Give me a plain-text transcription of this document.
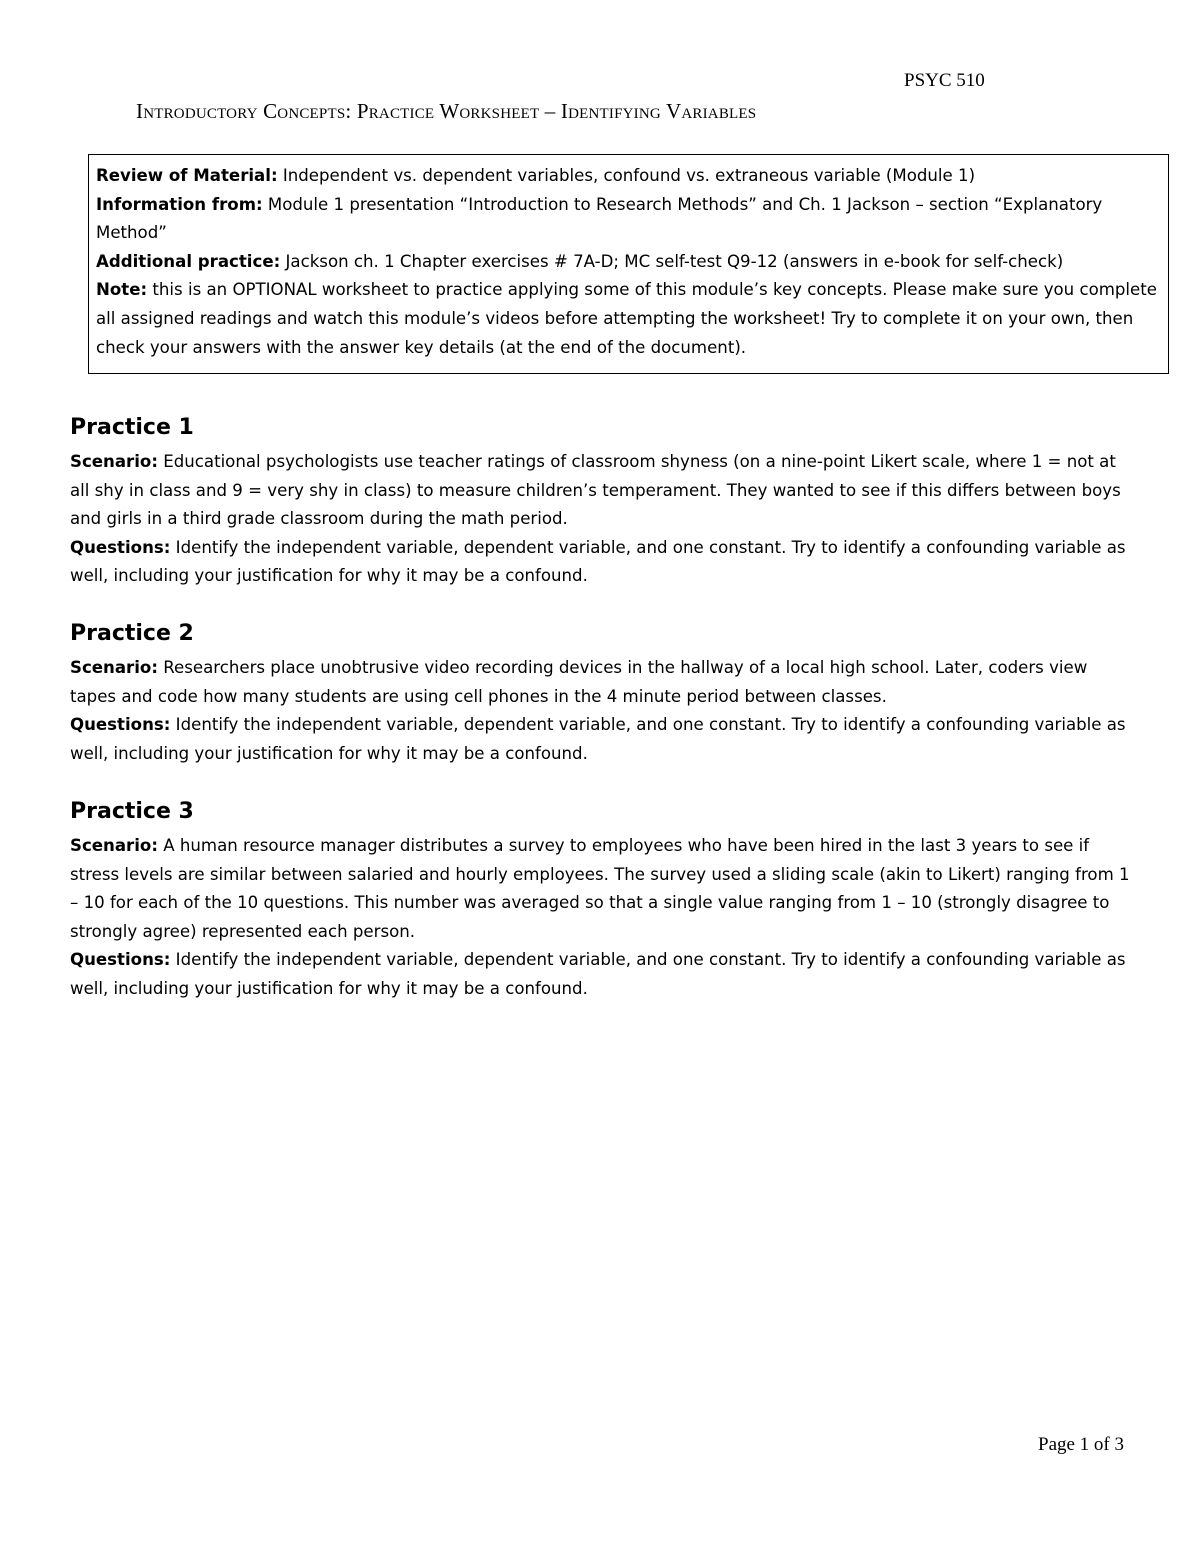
PSYC 510
Introductory Concepts: Practice Worksheet – Identifying Variables

Review of Material: Independent vs. dependent variables, confound vs. extraneous variable (Module 1)

Information from: Module 1 presentation “Introduction to Research Methods” and Ch. 1 Jackson – section “Explanatory Method”

Additional practice: Jackson ch. 1 Chapter exercises # 7A-D; MC self-test Q9-12 (answers in e-book for self-check)

Note: this is an OPTIONAL worksheet to practice applying some of this module’s key concepts. Please make sure you complete all assigned readings and watch this module’s videos before attempting the worksheet! Try to complete it on your own, then check your answers with the answer key details (at the end of the document).

Practice 1

Scenario: Educational psychologists use teacher ratings of classroom shyness (on a nine-point Likert scale, where 1 = not at all shy in class and 9 = very shy in class) to measure children’s temperament. They wanted to see if this differs between boys and girls in a third grade classroom during the math period.

Questions: Identify the independent variable, dependent variable, and one constant. Try to identify a confounding variable as well, including your justification for why it may be a confound.

Practice 2

Scenario: Researchers place unobtrusive video recording devices in the hallway of a local high school. Later, coders view tapes and code how many students are using cell phones in the 4 minute period between classes.

Questions: Identify the independent variable, dependent variable, and one constant. Try to identify a confounding variable as well, including your justification for why it may be a confound.

Practice 3

Scenario: A human resource manager distributes a survey to employees who have been hired in the last 3 years to see if stress levels are similar between salaried and hourly employees. The survey used a sliding scale (akin to Likert) ranging from 1 – 10 for each of the 10 questions. This number was averaged so that a single value ranging from 1 – 10 (strongly disagree to strongly agree) represented each person.

Questions: Identify the independent variable, dependent variable, and one constant. Try to identify a confounding variable as well, including your justification for why it may be a confound.

Page 1 of 3
